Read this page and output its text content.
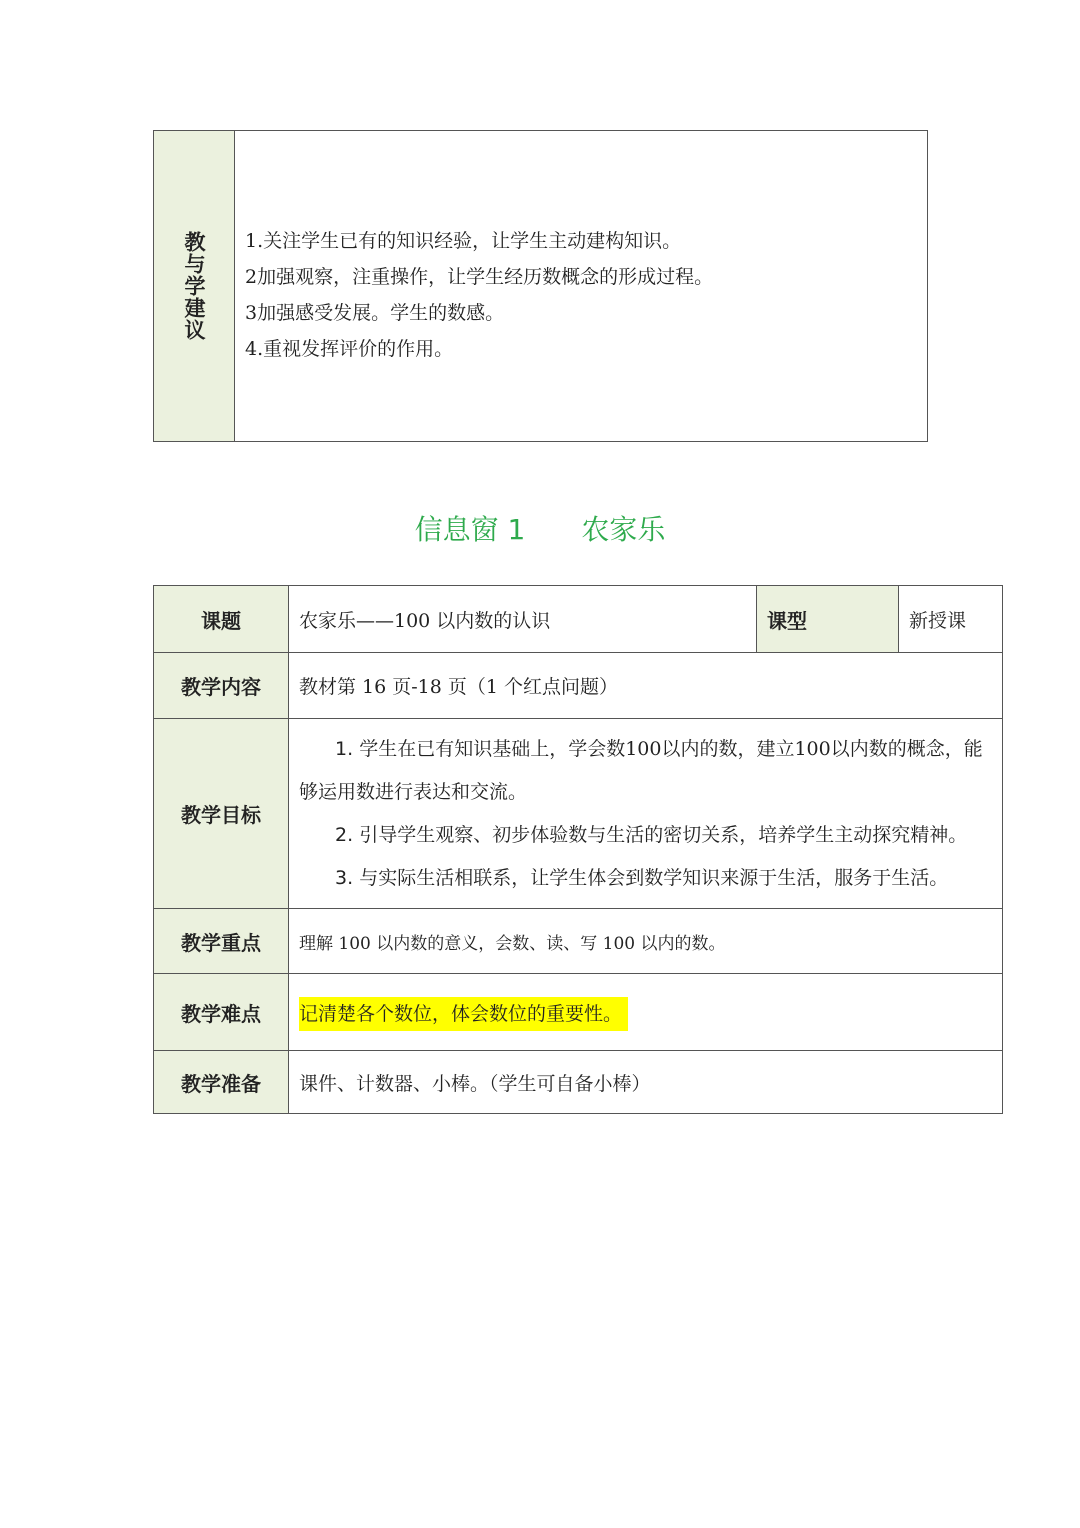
教与学建议 1.关注学生已有的知识经验，让学生主动建构知识。
2加强观察，注重操作，让学生经历数概念的形成过程。
3加强感受发展。学生的数感。
4.重视发挥评价的作用。
信息窗 1　　农家乐
课题	农家乐——100 以内数的认识	课型	新授课
教学内容	教材第 16 页-18 页（1 个红点问题）		
教学目标	1. 学生在已有知识基础上，学会数100以内的数，建立100以内数的概念，能够运用数进行表达和交流。
2. 引导学生观察、初步体验数与生活的密切关系，培养学生主动探究精神。
3. 与实际生活相联系，让学生体会到数学知识来源于生活，服务于生活。		

教学重点	理解 100 以内数的意义，会数、读、写 100 以内的数。		
教学难点	记清楚各个数位，体会数位的重要性。		
教学准备	课件、计数器、小棒。（学生可自备小棒）		
